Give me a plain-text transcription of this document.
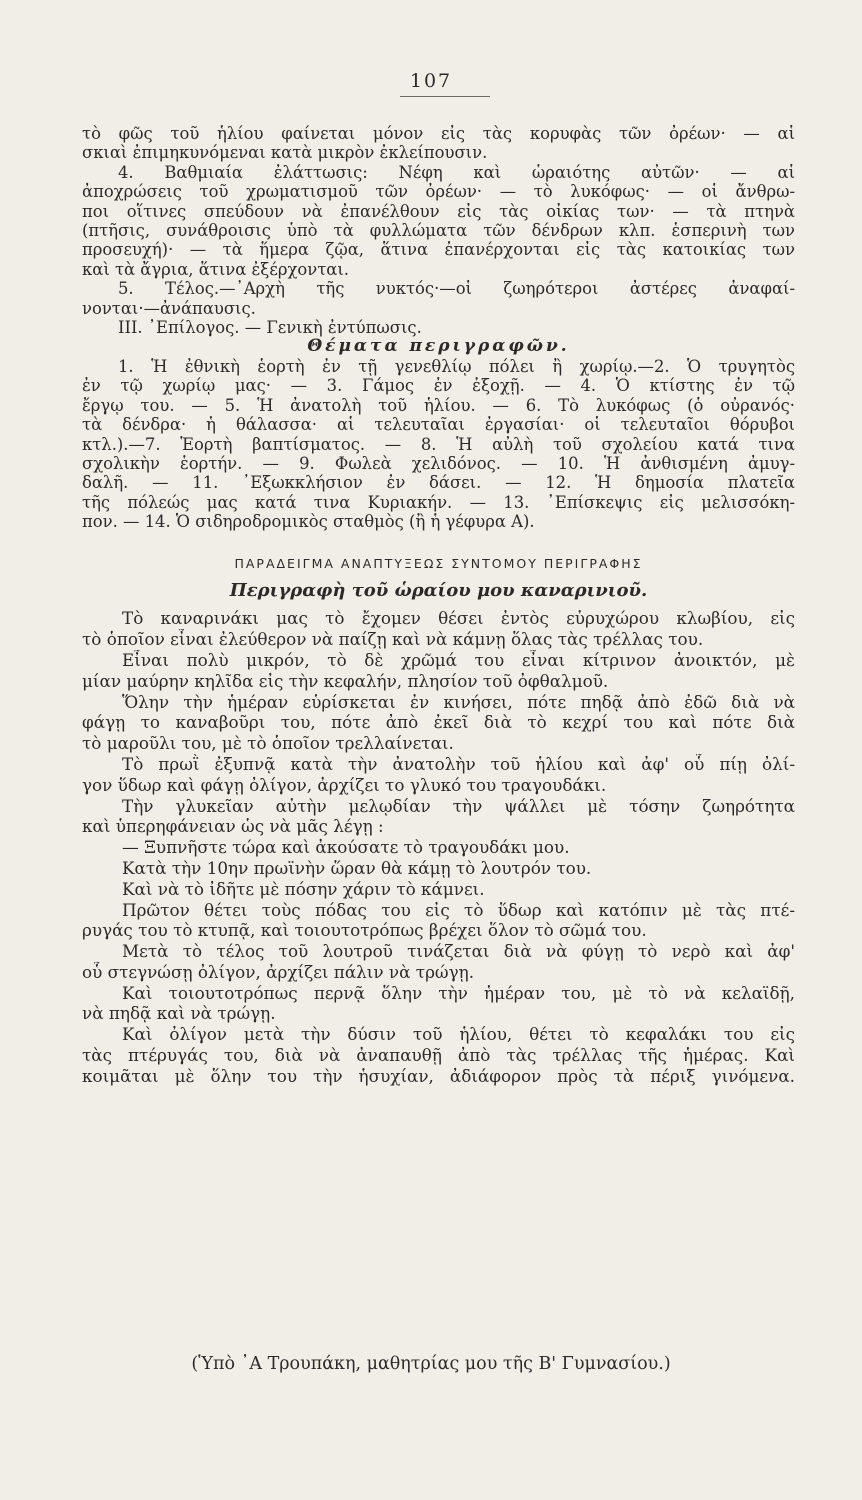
107
τὸ φῶς τοῦ ἡλίου φαίνεται μόνον εἰς τὰς κορυφὰς τῶν ὀρέων· — αἱ
σκιαὶ ἐπιμηκυνόμεναι κατὰ μικρὸν ἐκλείπουσιν.
4. Βαθμιαία ἐλάττωσις: Νέφη καὶ ὡραιότης αὐτῶν· — αἱ
ἀποχρώσεις τοῦ χρωματισμοῦ τῶν ὀρέων· — τὸ λυκόφως· — οἱ ἄνθρω-
ποι οἵτινες σπεύδουν νὰ ἐπανέλθουν εἰς τὰς οἰκίας των· — τὰ πτηνὰ
(πτῆσις, συνάθροισις ὑπὸ τὰ φυλλώματα τῶν δένδρων κλπ. ἑσπερινὴ των
προσευχή)· — τὰ ἥμερα ζῷα, ἅτινα ἐπανέρχονται εἰς τὰς κατοικίας των
καὶ τὰ ἄγρια, ἅτινα ἐξέρχονται.
5. Τέλος.—᾿Αρχὴ τῆς νυκτός·—οἱ ζωηρότεροι ἀστέρες ἀναφαί-
νονται·—ἀνάπαυσις.
III. ᾿Επίλογος. — Γενικὴ ἐντύπωσις.
Θέματα περιγραφῶν.
1. Ἡ ἐθνικὴ ἑορτὴ ἐν τῇ γενεθλίῳ πόλει ἢ χωρίῳ.—2. Ὁ τρυγητὸς
ἐν τῷ χωρίῳ μας· — 3. Γάμος ἐν ἐξοχῇ. — 4. Ὁ κτίστης ἐν τῷ
ἔργῳ του. — 5. Ἡ ἀνατολὴ τοῦ ἡλίου. — 6. Τὸ λυκόφως (ὁ οὐρανός·
τὰ δένδρα· ἡ θάλασσα· αἱ τελευταῖαι ἐργασίαι· οἱ τελευταῖοι θόρυβοι
κτλ.).—7. Ἑορτὴ βαπτίσματος. — 8. Ἡ αὐλὴ τοῦ σχολείου κατά τινα
σχολικὴν ἑορτήν. — 9. Φωλεὰ χελιδόνος. — 10. Ἡ ἀνθισμένη ἀμυγ-
δαλῆ. — 11. ᾿Εξωκκλήσιον ἐν δάσει. — 12. Ἡ δημοσία πλατεῖα
τῆς πόλεώς μας κατά τινα Κυριακήν. — 13. ᾿Επίσκεψις εἰς μελισσόκη-
πον. — 14. Ὁ σιδηροδρομικὸς σταθμὸς (ἢ ἡ γέφυρα Α).
ΠΑΡΑΔΕΙΓΜΑ ΑΝΑΠΤΥΞΕΩΣ ΣΥΝΤΟΜΟΥ ΠΕΡΙΓΡΑΦΗΣ
Περιγραφὴ τοῦ ὡραίου μου καναρινιοῦ.
Τὸ καναρινάκι μας τὸ ἔχομεν θέσει ἐντὸς εὐρυχώρου κλωβίου, εἰς
τὸ ὁποῖον εἶναι ἐλεύθερον νὰ παίζῃ καὶ νὰ κάμνῃ ὅλας τὰς τρέλλας του.
Εἶναι πολὺ μικρόν, τὸ δὲ χρῶμά του εἶναι κίτρινον ἀνοικτόν, μὲ
μίαν μαύρην κηλῖδα εἰς τὴν κεφαλήν, πλησίον τοῦ ὀφθαλμοῦ.
Ὅλην τὴν ἡμέραν εὑρίσκεται ἐν κινήσει, πότε πηδᾷ ἀπὸ ἐδῶ διὰ νὰ
φάγῃ το καναβοῦρι του, πότε ἀπὸ ἐκεῖ διὰ τὸ κεχρί του καὶ πότε διὰ
τὸ μαροῦλι του, μὲ τὸ ὁποῖον τρελλαίνεται.
Τὸ πρωῒ ἐξυπνᾷ κατὰ τὴν ἀνατολὴν τοῦ ἡλίου καὶ ἀφ' οὗ πίῃ ὀλί-
γον ὕδωρ καὶ φάγῃ ὀλίγον, ἀρχίζει το γλυκό του τραγουδάκι.
Τὴν γλυκεῖαν αὐτὴν μελῳδίαν τὴν ψάλλει μὲ τόσην ζωηρότητα
καὶ ὑπερηφάνειαν ὡς νὰ μᾶς λέγῃ :
— Ξυπνῆστε τώρα καὶ ἀκούσατε τὸ τραγουδάκι μου.
Κατὰ τὴν 10ην πρωϊνὴν ὥραν θὰ κάμῃ τὸ λουτρόν του.
Καὶ νὰ τὸ ἰδῆτε μὲ πόσην χάριν τὸ κάμνει.
Πρῶτον θέτει τοὺς πόδας του εἰς τὸ ὕδωρ καὶ κατόπιν μὲ τὰς πτέ-
ρυγάς του τὸ κτυπᾷ, καὶ τοιουτοτρόπως βρέχει ὅλον τὸ σῶμά του.
Μετὰ τὸ τέλος τοῦ λουτροῦ τινάζεται διὰ νὰ φύγῃ τὸ νερὸ καὶ ἀφ'
οὗ στεγνώσῃ ὀλίγον, ἀρχίζει πάλιν νὰ τρώγῃ.
Καὶ τοιουτοτρόπως περνᾷ ὅλην τὴν ἡμέραν του, μὲ τὸ νὰ κελαϊδῇ,
νὰ πηδᾷ καὶ νὰ τρώγῃ.
Καὶ ὀλίγον μετὰ τὴν δύσιν τοῦ ἡλίου, θέτει τὸ κεφαλάκι του εἰς
τὰς πτέρυγάς του, διὰ νὰ ἀναπαυθῇ ἀπὸ τὰς τρέλλας τῆς ἡμέρας. Καὶ
κοιμᾶται μὲ ὅλην του τὴν ἡσυχίαν, ἀδιάφορον πρὸς τὰ πέριξ γινόμενα.
(Ὑπὸ ᾿Α Τρουπάκη, μαθητρίας μου τῆς Β' Γυμνασίου.)
